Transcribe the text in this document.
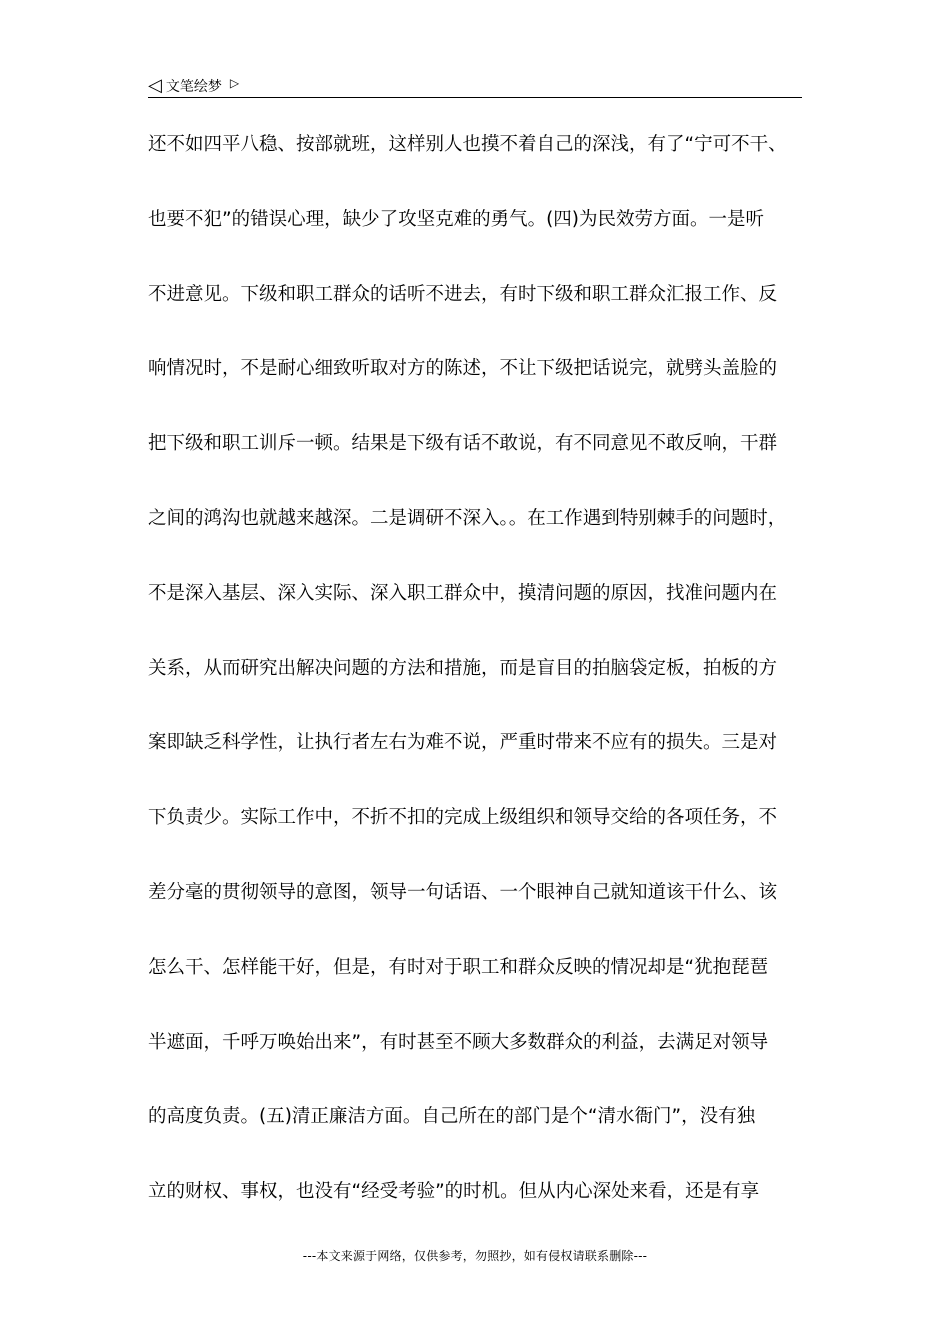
◁ 文笔绘梦 ▷
还不如四平八稳、按部就班，这样别人也摸不着自己的深浅，有了“宁可不干、
也要不犯”的错误心理，缺少了攻坚克难的勇气。(四)为民效劳方面。一是听
不进意见。下级和职工群众的话听不进去，有时下级和职工群众汇报工作、反
响情况时，不是耐心细致听取对方的陈述，不让下级把话说完，就劈头盖脸的
把下级和职工训斥一顿。结果是下级有话不敢说，有不同意见不敢反响，干群
之间的鸿沟也就越来越深。二是调研不深入。。在工作遇到特别棘手的问题时，
不是深入基层、深入实际、深入职工群众中，摸清问题的原因，找准问题内在
关系，从而研究出解决问题的方法和措施，而是盲目的拍脑袋定板，拍板的方
案即缺乏科学性，让执行者左右为难不说，严重时带来不应有的损失。三是对
下负责少。实际工作中，不折不扣的完成上级组织和领导交给的各项任务，不
差分毫的贯彻领导的意图，领导一句话语、一个眼神自己就知道该干什么、该
怎么干、怎样能干好，但是，有时对于职工和群众反映的情况却是“犹抱琵琶
半遮面，千呼万唤始出来”，有时甚至不顾大多数群众的利益，去满足对领导
的高度负责。(五)清正廉洁方面。自己所在的部门是个“清水衙门”，没有独
立的财权、事权，也没有“经受考验”的时机。但从内心深处来看，还是有享
---本文来源于网络，仅供参考，勿照抄，如有侵权请联系删除---
